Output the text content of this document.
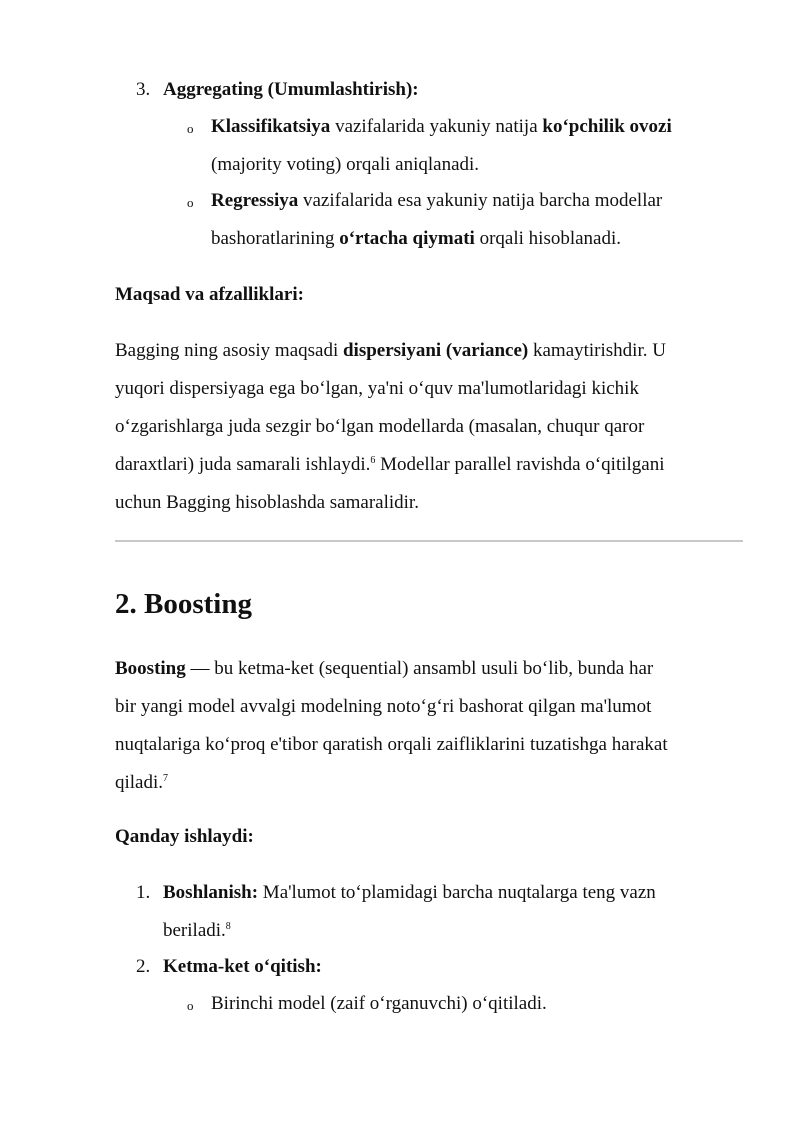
3. Aggregating (Umumlashtirish):
o Klassifikatsiya vazifalarida yakuniy natija ko‘pchilik ovozi
(majority voting) orqali aniqlanadi.
o Regressiya vazifalarida esa yakuniy natija barcha modellar
bashoratlarining o‘rtacha qiymati orqali hisoblanadi.
Maqsad va afzalliklari:
Bagging ning asosiy maqsadi dispersiyani (variance) kamaytirishdir. U
yuqori dispersiyaga ega bo‘lgan, ya'ni o‘quv ma'lumotlaridagi kichik
o‘zgarishlarga juda sezgir bo‘lgan modellarda (masalan, chuqur qaror
daraxtlari) juda samarali ishlaydi.$^6$ Modellar parallel ravishda o‘qitilgani
uchun Bagging hisoblashda samaralidir.
2. Boosting
Boosting — bu ketma-ket (sequential) ansambl usuli bo‘lib, bunda har
bir yangi model avvalgi modelning noto‘g‘ri bashorat qilgan ma'lumot
nuqtalariga ko‘proq e'tibor qaratish orqali zaifliklarini tuzatishga harakat
qiladi.$^7$
Qanday ishlaydi:
1. Boshlanish: Ma'lumot to‘plamidagi barcha nuqtalarga teng vazn
beriladi.$^8$
2. Ketma-ket o‘qitish:
o Birinchi model (zaif o‘rganuvchi) o‘qitiladi.
